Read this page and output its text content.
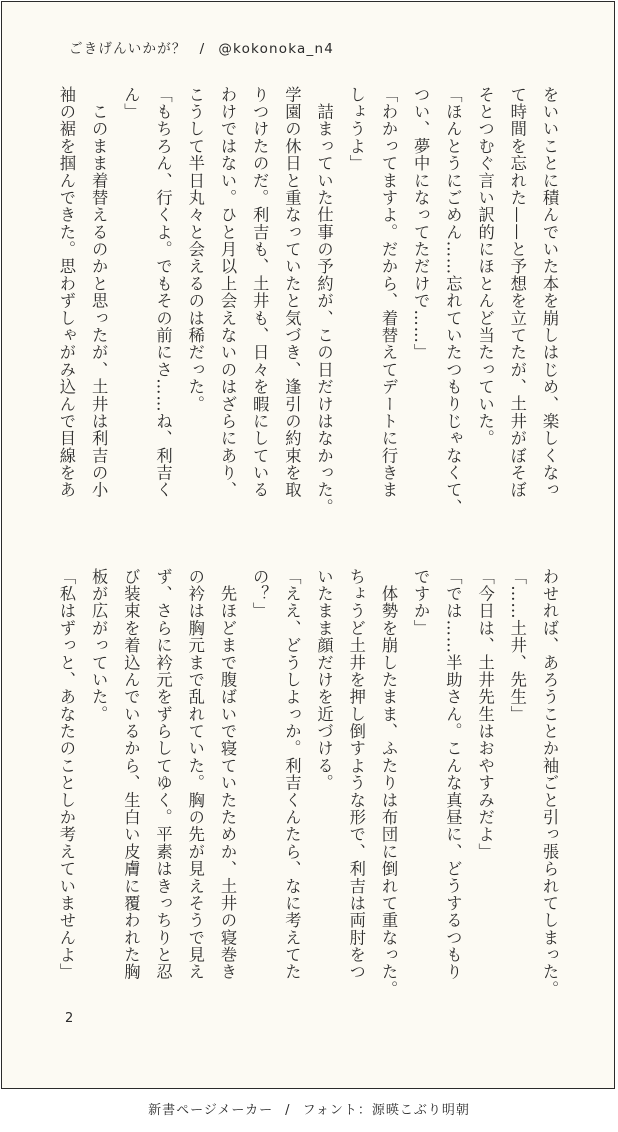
ごきげんいかが？ / @kokonoka_n4
をいいことに積んでいた本を崩しはじめ、楽しくなっ
て時間を忘れた——と予想を立てたが、土井がぼそぼ
そとつむぐ言い訳的にほとんど当たっていた。
「ほんとうにごめん……忘れていたつもりじゃなくて、
つい、夢中になってただけで……」
「わかってますよ。だから、着替えてデートに行きま
しょうよ」
　詰まっていた仕事の予約が、この日だけはなかった。
学園の休日と重なっていたと気づき、逢引の約束を取
りつけたのだ。利吉も、土井も、日々を暇にしている
わけではない。ひと月以上会えないのはざらにあり、
こうして半日丸々と会えるのは稀だった。
「もちろん、行くよ。でもその前にさ……ね、利吉く
ん」
　このまま着替えるのかと思ったが、土井は利吉の小
袖の裾を掴んできた。思わずしゃがみ込んで目線をあ
わせれば、あろうことか袖ごと引っ張られてしまった。
「……土井、先生」
「今日は、土井先生はおやすみだよ」
「では……半助さん。こんな真昼に、どうするつもり
ですか」
　体勢を崩したまま、ふたりは布団に倒れて重なった。
ちょうど土井を押し倒すような形で、利吉は両肘をつ
いたまま顔だけを近づける。
「ええ、どうしよっか。利吉くんたら、なに考えてた
の？」
　先ほどまで腹ばいで寝ていたためか、土井の寝巻き
の衿は胸元まで乱れていた。胸の先が見えそうで見え
ず、さらに衿元をずらしてゆく。平素はきっちりと忍
び装束を着込んでいるから、生白い皮膚に覆われた胸
板が広がっていた。
「私はずっと、あなたのことしか考えていませんよ」
2
新書ページメーカー / フォント：源暎こぶり明朝
